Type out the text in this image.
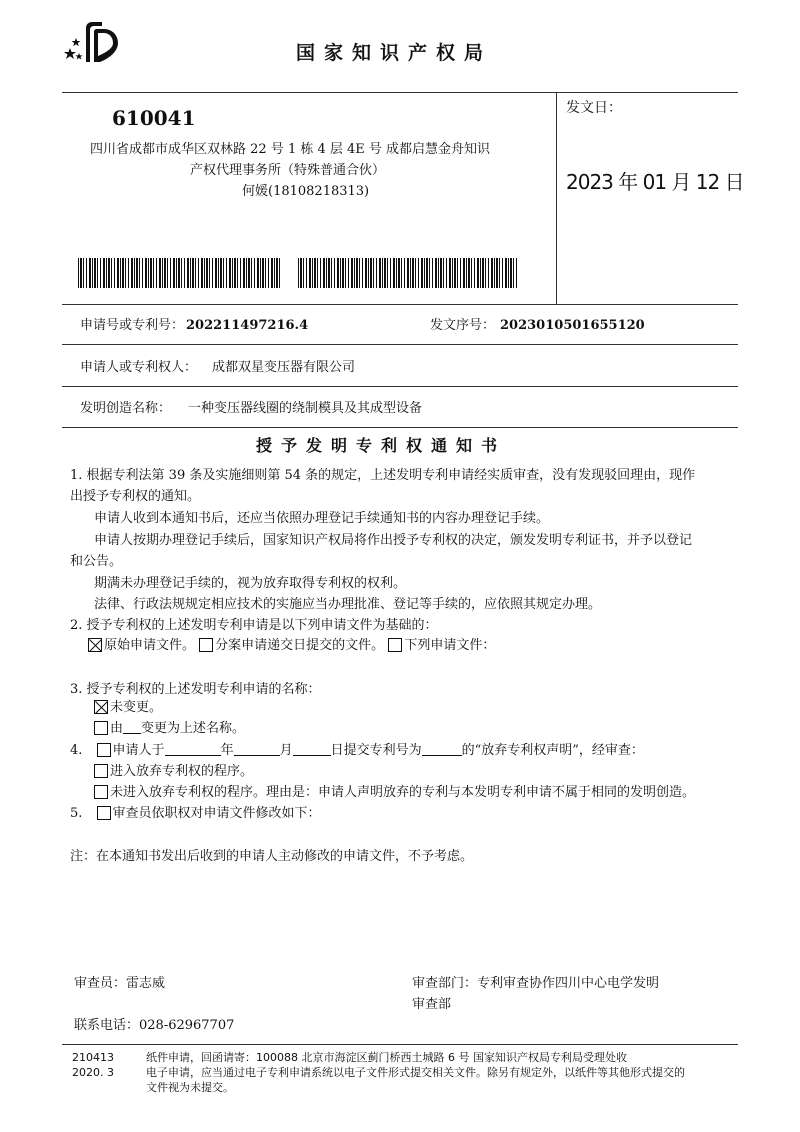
国家知识产权局
610041
四川省成都市成华区双林路 22 号 1 栋 4 层 4E 号 成都启慧金舟知识
产权代理事务所（特殊普通合伙）
何媛(18108218313)
发文日：
2023 年 01 月 12 日
申请号或专利号： 202211497216.4	发文序号： 2023010501655120
申请人或专利权人： 成都双星变压器有限公司
发明创造名称： 一种变压器线圈的绕制模具及其成型设备
授予发明专利权通知书
1. 根据专利法第 39 条及实施细则第 54 条的规定，上述发明专利申请经实质审查，没有发现驳回理由，现作
出授予专利权的通知。
申请人收到本通知书后，还应当依照办理登记手续通知书的内容办理登记手续。
申请人按期办理登记手续后，国家知识产权局将作出授予专利权的决定，颁发发明专利证书，并予以登记
和公告。
期满未办理登记手续的，视为放弃取得专利权的权利。
法律、行政法规规定相应技术的实施应当办理批准、登记等手续的，应依照其规定办理。
2. 授予专利权的上述发明专利申请是以下列申请文件为基础的：
原始申请文件。 分案申请递交日提交的文件。 下列申请文件：
3. 授予专利权的上述发明专利申请的名称：
未变更。
由 变更为上述名称。
4. 申请人于	年	月	日提交专利号为	的“放弃专利权声明”，经审查：
进入放弃专利权的程序。
未进入放弃专利权的程序。理由是：申请人声明放弃的专利与本发明专利申请不属于相同的发明创造。
5. 审查员依职权对申请文件修改如下：
注：在本通知书发出后收到的申请人主动修改的申请文件，不予考虑。
审查员：雷志威	审查部门：专利审查协作四川中心电学发明
审查部
联系电话：028-62967707
210413
2020. 3
纸件申请，回函请寄：100088 北京市海淀区蓟门桥西土城路 6 号 国家知识产权局专利局受理处收
电子申请，应当通过电子专利申请系统以电子文件形式提交相关文件。除另有规定外，以纸件等其他形式提交的
文件视为未提交。
